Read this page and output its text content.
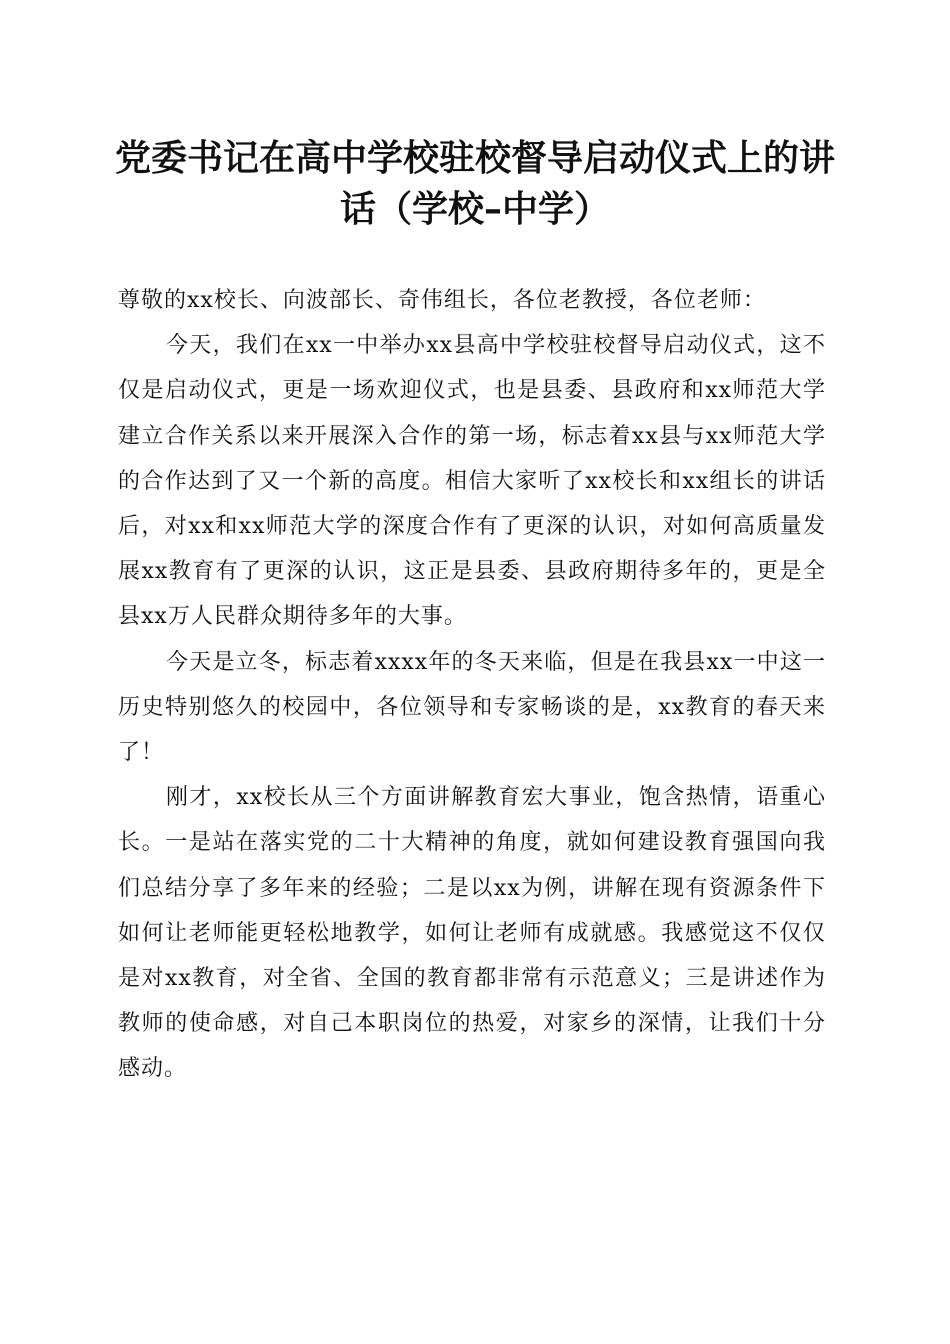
党委书记在高中学校驻校督导启动仪式上的讲话（学校–中学）

尊敬的xx校长、向波部长、奇伟组长，各位老教授，各位老师：

今天，我们在xx一中举办xx县高中学校驻校督导启动仪式，这不仅是启动仪式，更是一场欢迎仪式，也是县委、县政府和xx师范大学建立合作关系以来开展深入合作的第一场，标志着xx县与xx师范大学的合作达到了又一个新的高度。相信大家听了xx校长和xx组长的讲话后，对xx和xx师范大学的深度合作有了更深的认识，对如何高质量发展xx教育有了更深的认识，这正是县委、县政府期待多年的，更是全县xx万人民群众期待多年的大事。

今天是立冬，标志着xxxx年的冬天来临，但是在我县xx一中这一历史特别悠久的校园中，各位领导和专家畅谈的是，xx教育的春天来了！

刚才，xx校长从三个方面讲解教育宏大事业，饱含热情，语重心长。一是站在落实党的二十大精神的角度，就如何建设教育强国向我们总结分享了多年来的经验；二是以xx为例，讲解在现有资源条件下如何让老师能更轻松地教学，如何让老师有成就感。我感觉这不仅仅是对xx教育，对全省、全国的教育都非常有示范意义；三是讲述作为教师的使命感，对自己本职岗位的热爱，对家乡的深情，让我们十分感动。
